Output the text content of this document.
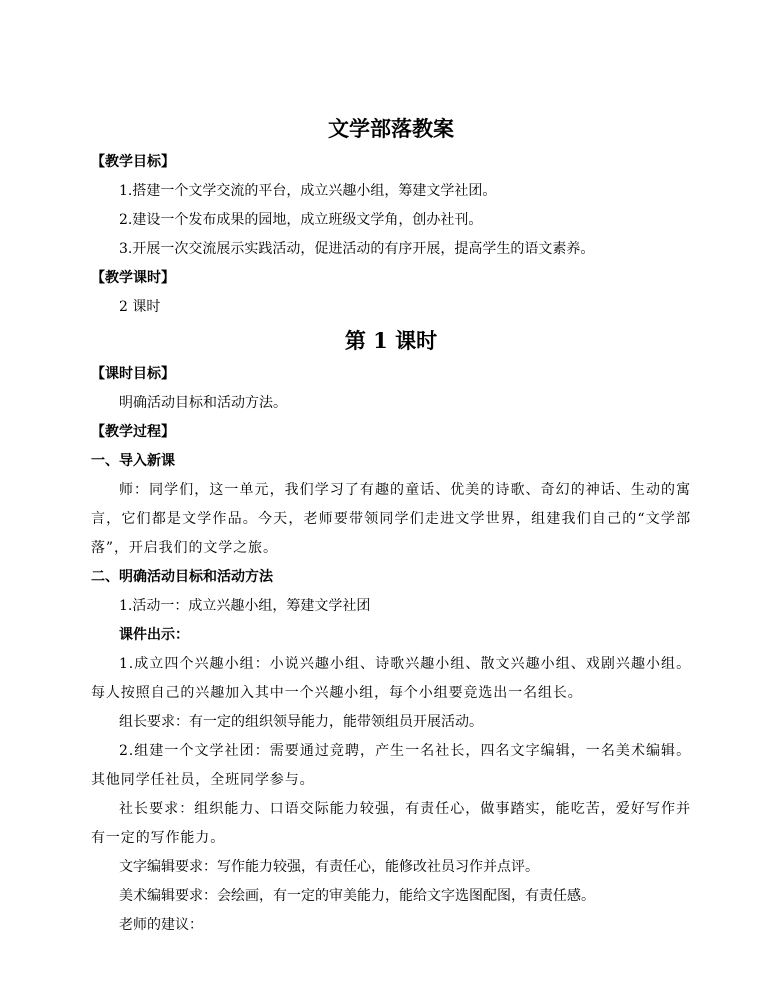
文学部落教案

【教学目标】

1.搭建一个文学交流的平台，成立兴趣小组，筹建文学社团。

2.建设一个发布成果的园地，成立班级文学角，创办社刊。

3.开展一次交流展示实践活动，促进活动的有序开展，提高学生的语文素养。

【教学课时】

2 课时

第 1 课时

【课时目标】

明确活动目标和活动方法。

【教学过程】

一、导入新课

师：同学们，这一单元，我们学习了有趣的童话、优美的诗歌、奇幻的神话、生动的寓言，它们都是文学作品。今天，老师要带领同学们走进文学世界，组建我们自己的“文学部落”，开启我们的文学之旅。

二、明确活动目标和活动方法

1.活动一：成立兴趣小组，筹建文学社团

课件出示：

1.成立四个兴趣小组：小说兴趣小组、诗歌兴趣小组、散文兴趣小组、戏剧兴趣小组。每人按照自己的兴趣加入其中一个兴趣小组，每个小组要竞选出一名组长。

组长要求：有一定的组织领导能力，能带领组员开展活动。

2.组建一个文学社团：需要通过竞聘，产生一名社长，四名文字编辑，一名美术编辑。其他同学任社员，全班同学参与。

社长要求：组织能力、口语交际能力较强，有责任心，做事踏实，能吃苦，爱好写作并有一定的写作能力。

文字编辑要求：写作能力较强，有责任心，能修改社员习作并点评。

美术编辑要求：会绘画，有一定的审美能力，能给文字选图配图，有责任感。

老师的建议：
